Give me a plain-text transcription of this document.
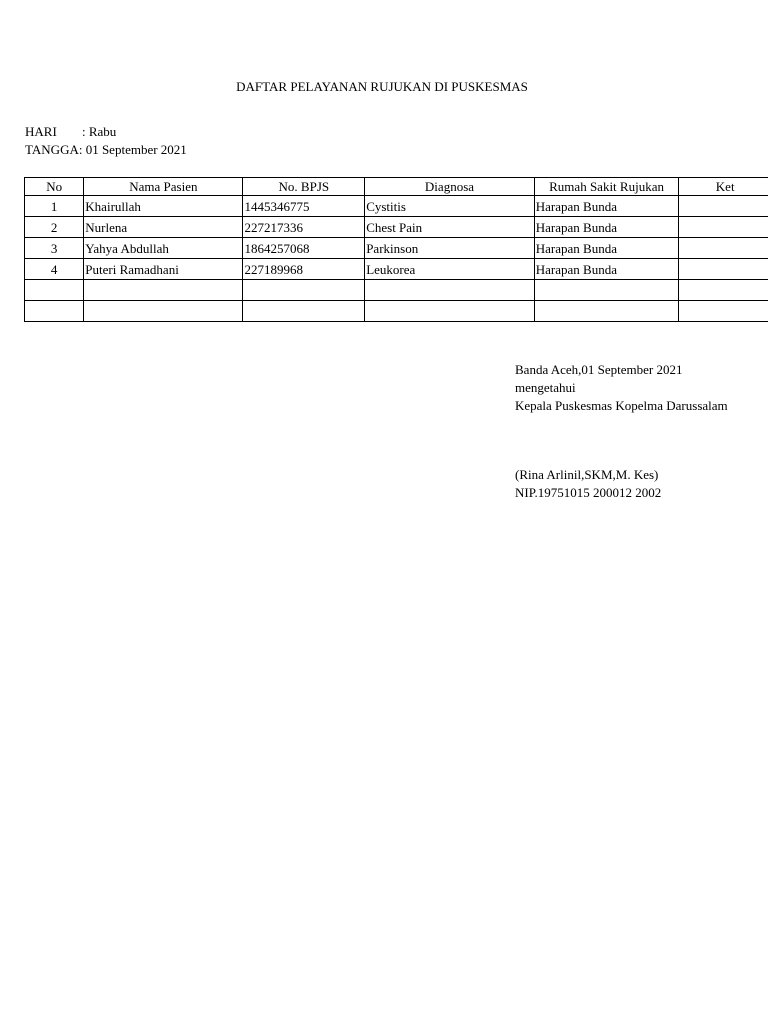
DAFTAR PELAYANAN RUJUKAN DI PUSKESMAS
HARI : Rabu
TANGGA: 01 September 2021
No	Nama Pasien	No. BPJS	Diagnosa	Rumah Sakit Rujukan	Ket
1	Khairullah	1445346775	Cystitis	Harapan Bunda	
2	Nurlena	227217336	Chest Pain	Harapan Bunda	
3	Yahya Abdullah	1864257068	Parkinson	Harapan Bunda	
4	Puteri Ramadhani	227189968	Leukorea	Harapan Bunda	

Banda Aceh,01 September 2021
mengetahui
Kepala Puskesmas Kopelma Darussalam
(Rina Arlinil,SKM,M. Kes)
NIP.19751015 200012 2002
